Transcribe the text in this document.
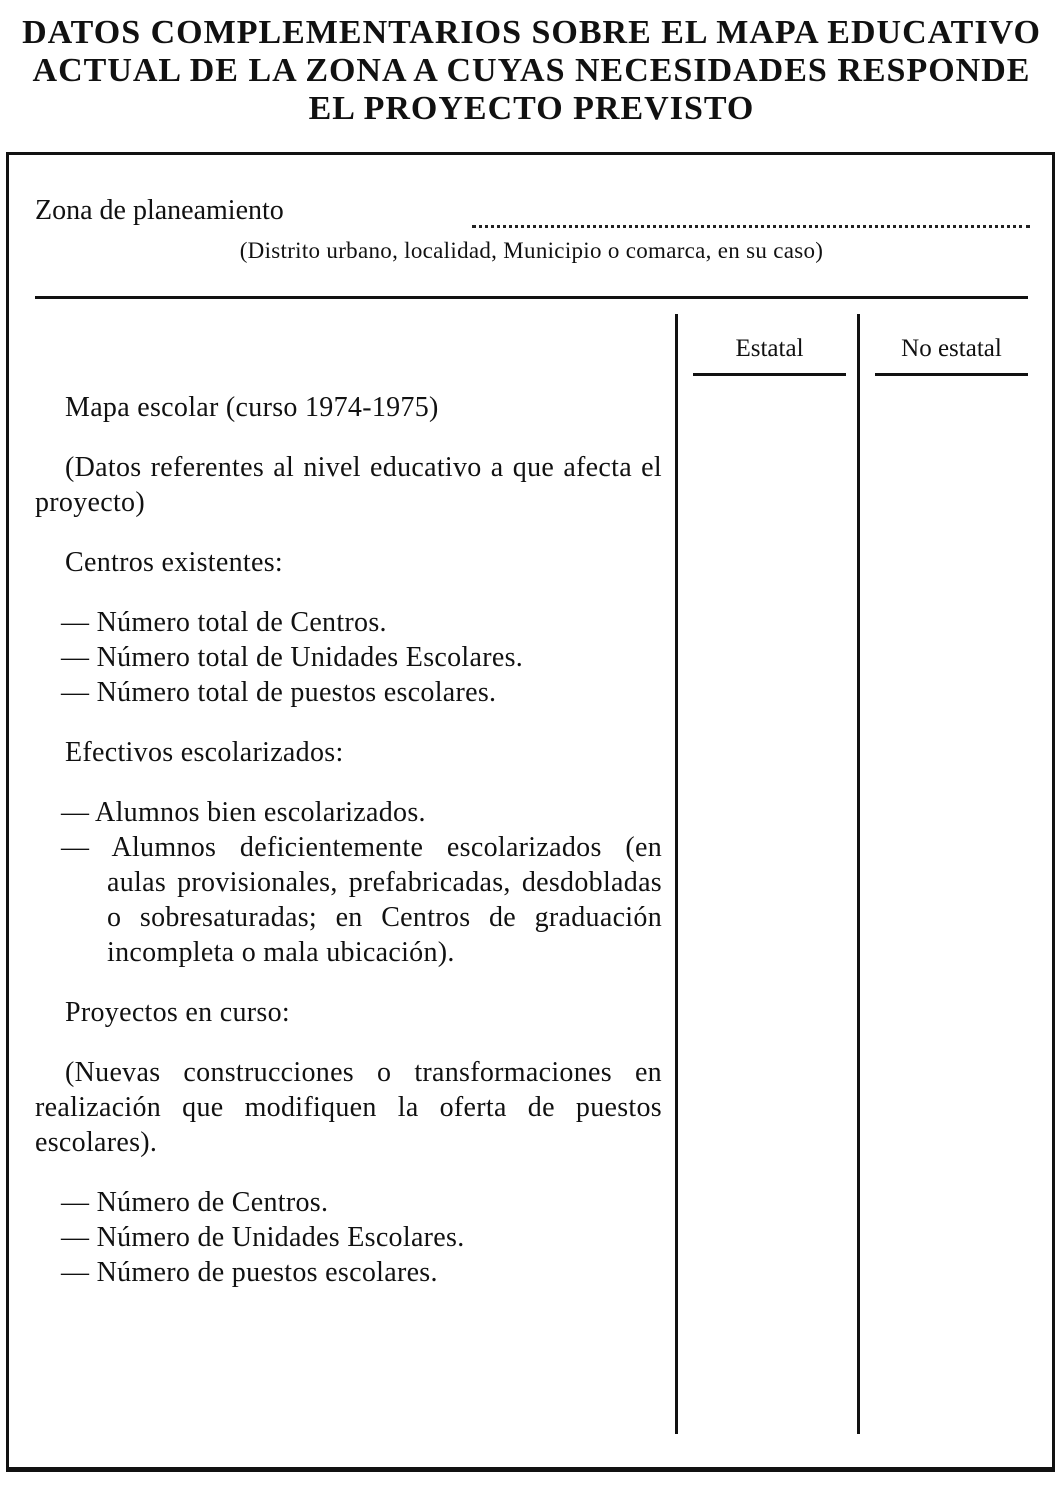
DATOS COMPLEMENTARIOS SOBRE EL MAPA EDUCATIVO
ACTUAL DE LA ZONA A CUYAS NECESIDADES RESPONDE
EL PROYECTO PREVISTO
Zona de planeamiento
(Distrito urbano, localidad, Municipio o comarca, en su caso)
Estatal	No estatal

Mapa escolar (curso 1974-1975)

(Datos referentes al nivel educativo a que afecta el proyecto)

Centros existentes:

— Número total de Centros.

— Número total de Unidades Escolares.

— Número total de puestos escolares.

Efectivos escolarizados:

— Alumnos bien escolarizados.

— Alumnos deficientemente escolarizados (en aulas provisionales, prefabricadas, desdobladas o sobresaturadas; en Centros de graduación incompleta o mala ubicación).

Proyectos en curso:

(Nuevas construcciones o transformaciones en realización que modifiquen la oferta de puestos escolares).

— Número de Centros.

— Número de Unidades Escolares.

— Número de puestos escolares.
